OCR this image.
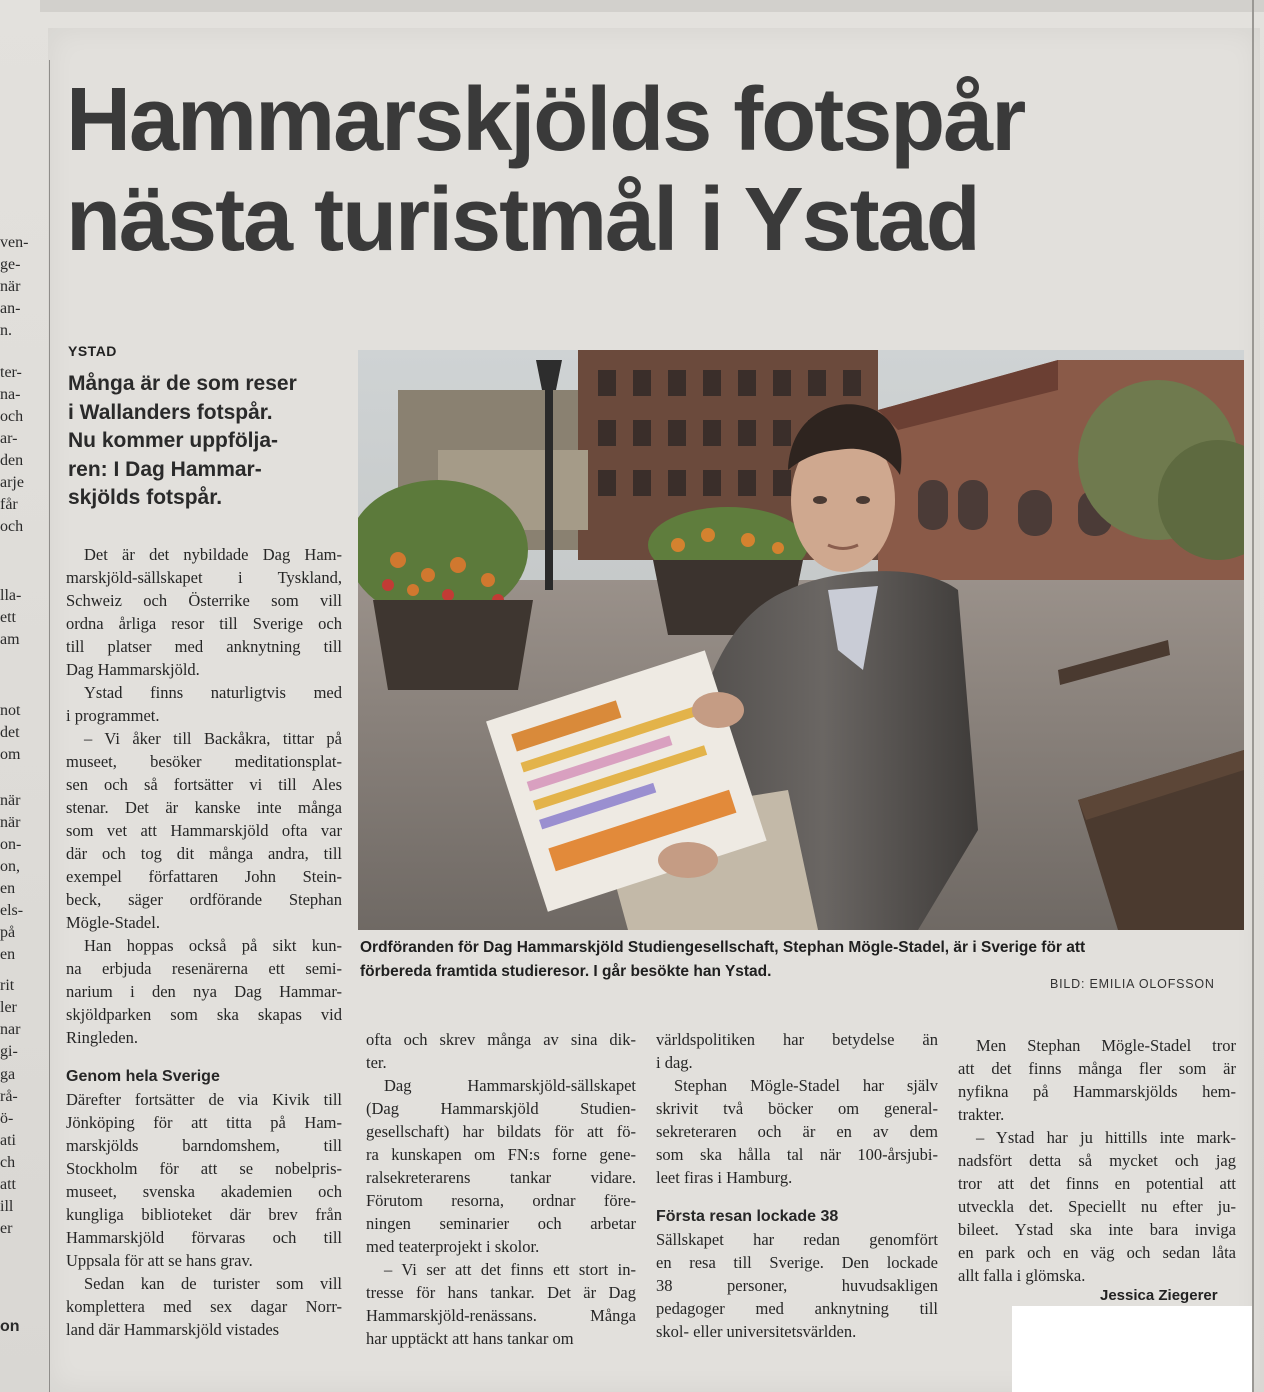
ven-
ge-
när
an-
n.
ter-
na-
och
ar-
den
arje
får
och
lla-
ett
am
not
det
om
när
när
on-
on,
en
els-
på
en
rit
ler
nar
gi-
ga
rå-
ö-
ati
ch
att
ill
er
on
Hammarskjölds fotspår
nästa turistmål i Ystad
YSTAD
Många är de som reser
i Wallanders fotspår.
Nu kommer uppföljа-
ren: I Dag Hammar-
skjölds fotspår.
Det är det nybildade Dag Ham-
marskjöld-sällskapet i Tyskland,
Schweiz och Österrike som vill
ordna årliga resor till Sverige och
till platser med anknytning till
Dag Hammarskjöld.
Ystad finns naturligtvis med
i programmet.
– Vi åker till Backåkra, tittar på
museet, besöker meditationsplat-
sen och så fortsätter vi till Ales
stenar. Det är kanske inte många
som vet att Hammarskjöld ofta var
där och tog dit många andra, till
exempel författaren John Stein-
beck, säger ordförande Stephan
Mögle-Stadel.
Han hoppas också på sikt kun-
na erbjuda resenärerna ett semi-
narium i den nya Dag Hammar-
skjöldparken som ska skapas vid
Ringleden.
Genom hela Sverige
Därefter fortsätter de via Kivik till
Jönköping för att titta på Ham-
marskjölds barndomshem, till
Stockholm för att se nobelpris-
museet, svenska akademien och
kungliga biblioteket där brev från
Hammarskjöld förvaras och till
Uppsala för att se hans grav.
Sedan kan de turister som vill
komplettera med sex dagar Norr-
land där Hammarskjöld vistades
ofta och skrev många av sina dik-
ter.
Dag Hammarskjöld-sällskapet
(Dag Hammarskjöld Studien-
gesellschaft) har bildats för att fö-
ra kunskapen om FN:s forne gene-
ralsekreterarens tankar vidare.
Förutom resorna, ordnar före-
ningen seminarier och arbetar
med teaterprojekt i skolor.
– Vi ser att det finns ett stort in-
tresse för hans tankar. Det är Dag
Hammarskjöld-renässans. Många
har upptäckt att hans tankar om
världspolitiken har betydelse än
i dag.
Stephan Mögle-Stadel har själv
skrivit två böcker om general-
sekreteraren och är en av dem
som ska hålla tal när 100-årsjubi-
leet firas i Hamburg.
Första resan lockade 38
Sällskapet har redan genomfört
en resa till Sverige. Den lockade
38 personer, huvudsakligen
pedagoger med anknytning till
skol- eller universitetsvärlden.
Men Stephan Mögle-Stadel tror
att det finns många fler som är
nyfikna på Hammarskjölds hem-
trakter.
– Ystad har ju hittills inte mark-
nadsfört detta så mycket och jag
tror att det finns en potential att
utveckla det. Speciellt nu efter ju-
bileet. Ystad ska inte bara inviga
en park och en väg och sedan låta
allt falla i glömska.
Ordföranden för Dag Hammarskjöld Studiengesellschaft, Stephan Mögle-Stadel, är i Sverige för att
förbereda framtida studieresor. I går besökte han Ystad.
BILD: EMILIA OLOFSSON
Jessica Ziegerer
